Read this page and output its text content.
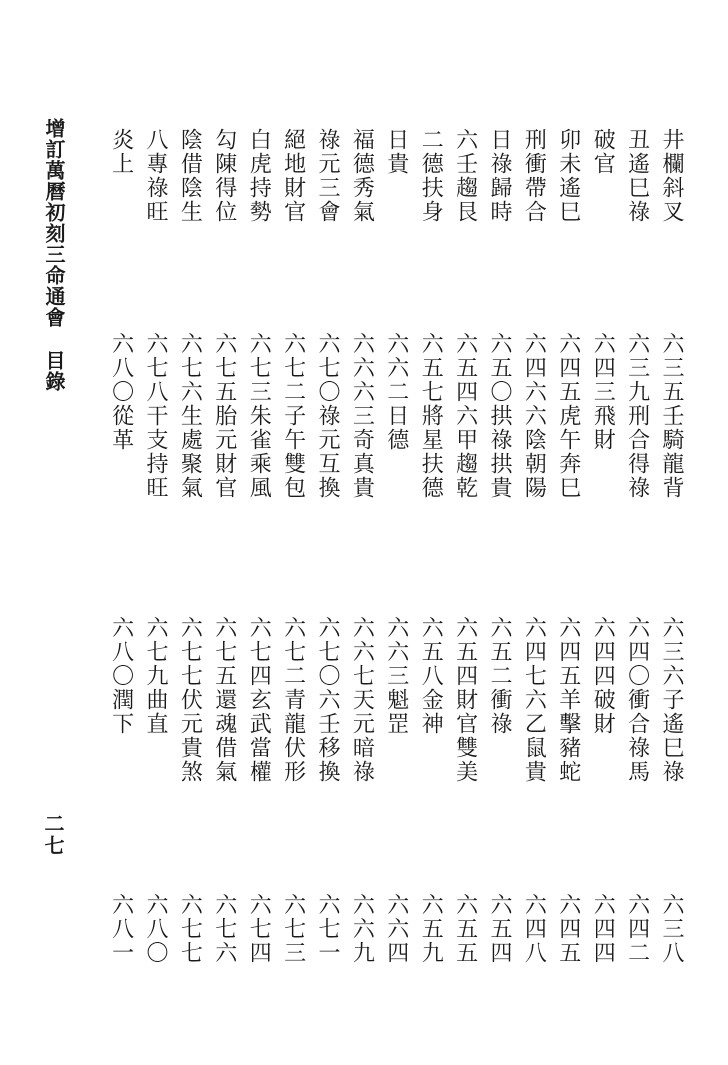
增訂萬曆初刻三命通會目錄
二七
井欄斜叉
六三五
壬騎龍背
六三六
子遙巳祿
六三八
丑遙巳祿
六三九
刑合得祿
六四〇
衝合祿馬
六四二
破官
六四三
飛財
六四四
破財
六四四
卯未遙巳
六四五
虎午奔巳
六四五
羊擊豬蛇
六四五
刑衝帶合
六四六
六陰朝陽
六四七
六乙鼠貴
六四八
日祿歸時
六五〇
拱祿拱貴
六五二
衝祿
六五四
六壬趨艮
六五四
六甲趨乾
六五四
財官雙美
六五五
二德扶身
六五七
將星扶德
六五八
金神
六五九
日貴
六六二
日德
六六三
魁罡
六六四
福德秀氣
六六六
三奇真貴
六六七
天元暗祿
六六九
祿元三會
六七〇
祿元互換
六七〇
六壬移換
六七一
絕地財官
六七二
子午雙包
六七二
青龍伏形
六七三
白虎持勢
六七三
朱雀乘風
六七四
玄武當權
六七四
勾陳得位
六七五
胎元財官
六七五
還魂借氣
六七六
陰借陰生
六七六
生處聚氣
六七七
伏元貴煞
六七七
八專祿旺
六七八
干支持旺
六七九
曲直
六八〇
炎上
六八〇
從革
六八〇
潤下
六八一
